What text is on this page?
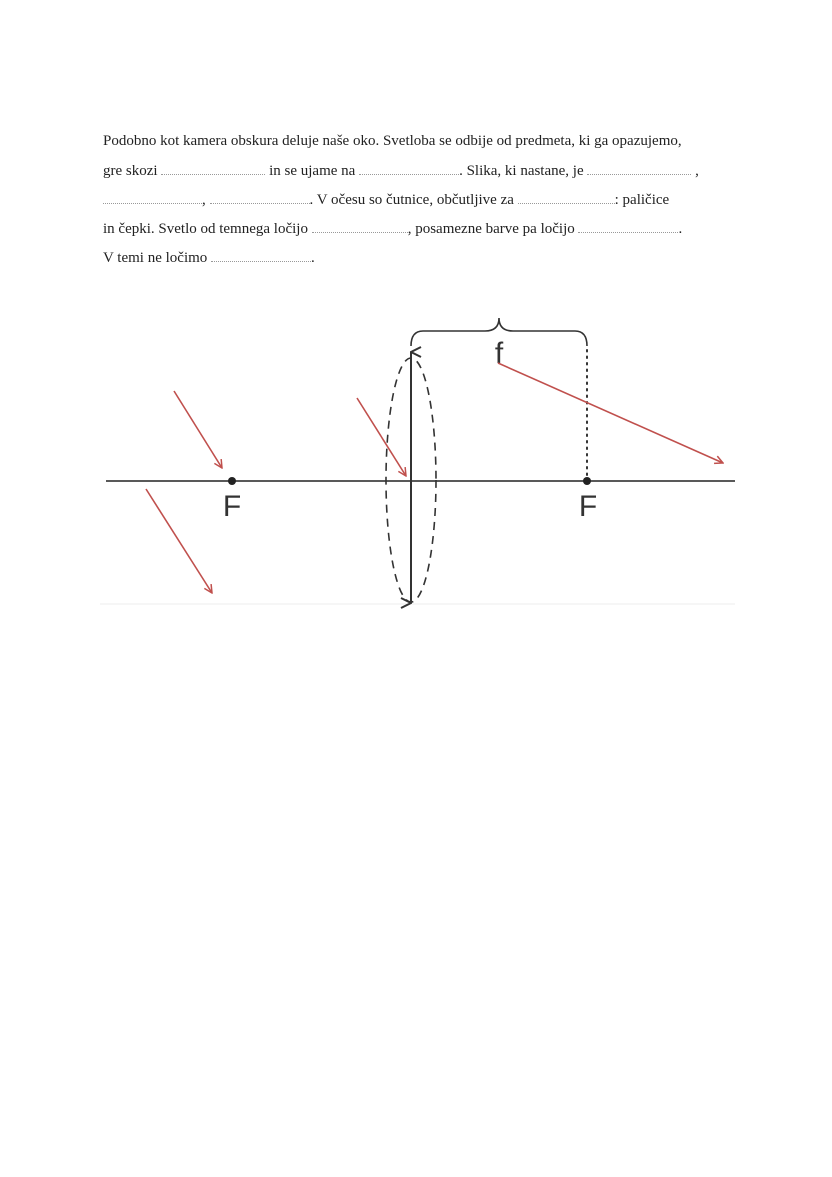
Podobno kot kamera obskura deluje naše oko. Svetloba se odbije od predmeta, ki ga opazujemo,
gre skozi	in se ujame na	. Slika, ki nastane, je	,
,	. V očesu so čutnice, občutljive za	: paličice
in čepki. Svetlo od temnega ločijo	, posamezne barve pa ločijo	.
V temi ne ločimo	.
f
F	F
